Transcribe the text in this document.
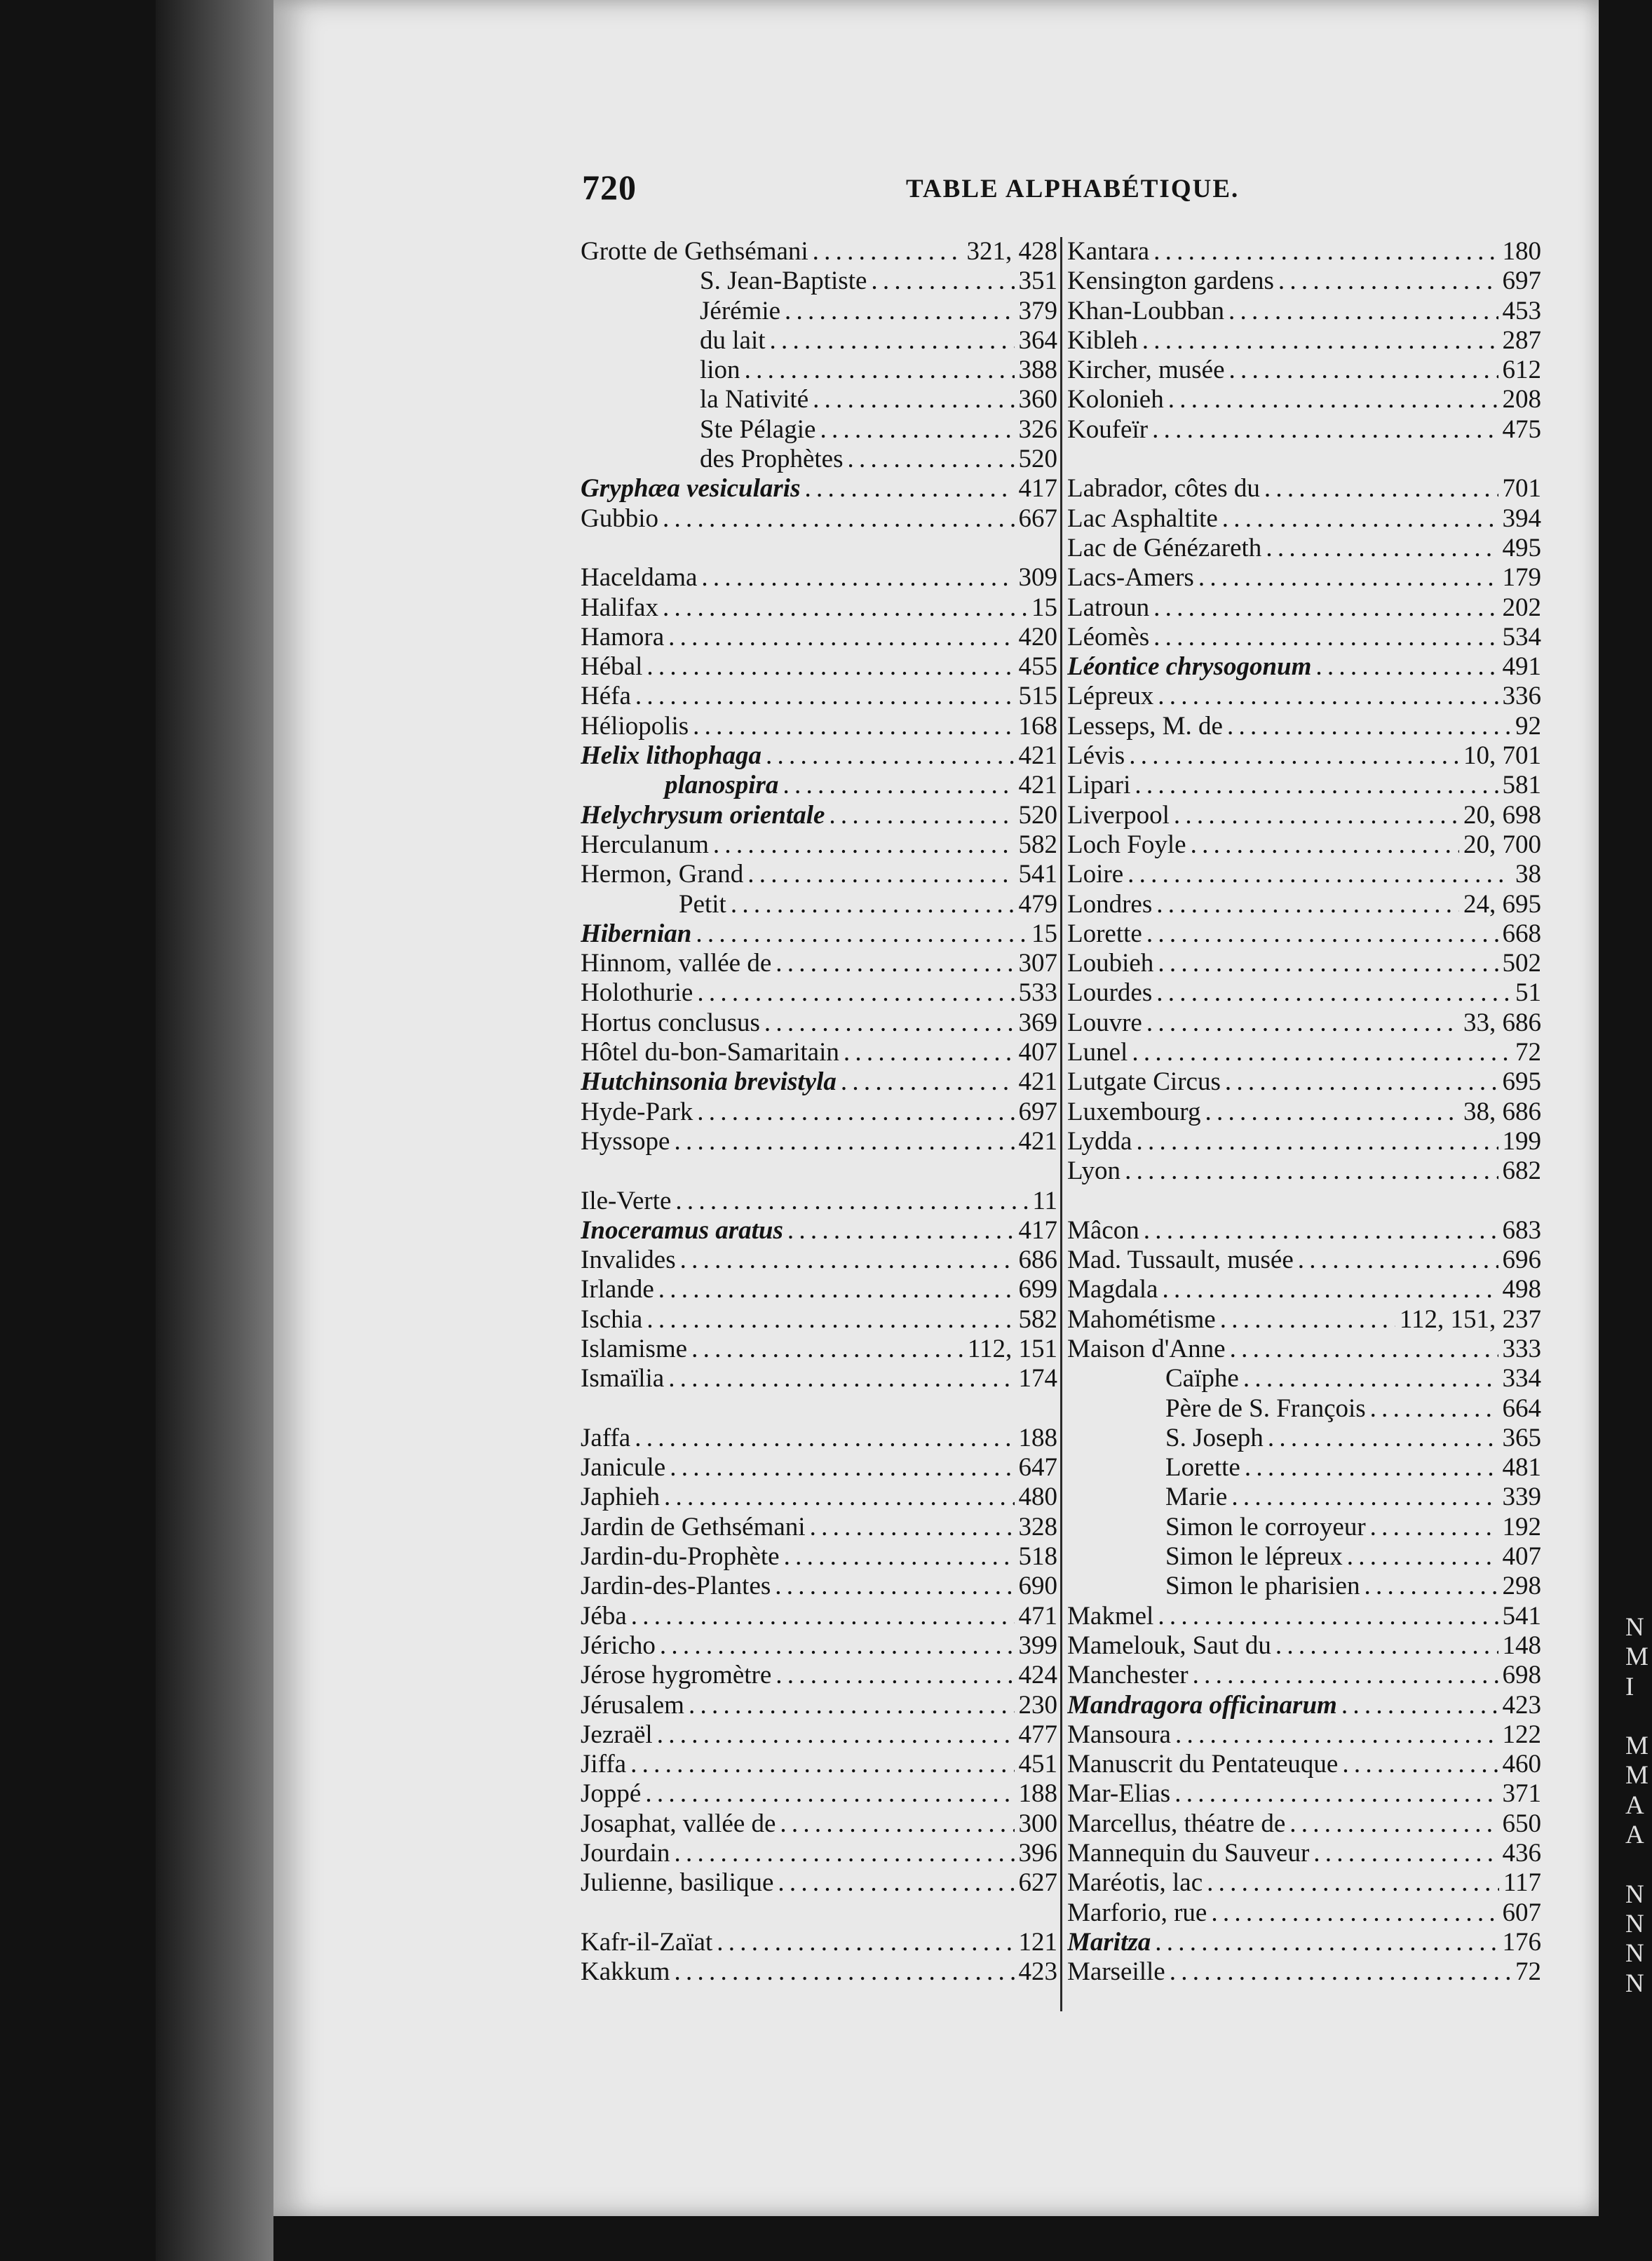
720	TABLE ALPHABÉTIQUE.
Grotte de Gethsémani . . .	321, 428
S. Jean-Baptiste . . .	351
Jérémie . . .	379
du lait . . .	364
lion . . .	388
la Nativité . . .	360
Ste Pélagie . . .	326
des Prophètes . . .	520
Gryphæa vesicularis . . .	417
Gubbio . . .	667
Haceldama . . .	309
Halifax . . .	15
Hamora . . .	420
Hébal . . .	455
Héfa . . .	515
Héliopolis . . .	168
Helix lithophaga . . .	421
planospira . . .	421
Helychrysum orientale . . .	520
Herculanum . . .	582
Hermon, Grand . . .	541
Petit . . .	479
Hibernian . . .	15
Hinnom, vallée de . . .	307
Holothurie . . .	533
Hortus conclusus . . .	369
Hôtel du-bon-Samaritain . . .	407
Hutchinsonia brevistyla . . .	421
Hyde-Park . . .	697
Hyssope . . .	421
Ile-Verte . . .	11
Inoceramus aratus . . .	417
Invalides . . .	686
Irlande . . .	699
Ischia . . .	582
Islamisme . . .	112, 151
Ismaïlia . . .	174
Jaffa . . .	188
Janicule . . .	647
Japhieh . . .	480
Jardin de Gethsémani . . .	328
Jardin-du-Prophète . . .	518
Jardin-des-Plantes . . .	690
Jéba . . .	471
Jéricho . . .	399
Jérose hygromètre . . .	424
Jérusalem . . .	230
Jezraël . . .	477
Jiffa . . .	451
Joppé . . .	188
Josaphat, vallée de . . .	300
Jourdain . . .	396
Julienne, basilique . . .	627
Kafr-il-Zaïat . . .	121
Kakkum . . .	423
Kantara . . .	180
Kensington gardens . . .	697
Khan-Loubban . . .	453
Kibleh . . .	287
Kircher, musée . . .	612
Kolonieh . . .	208
Koufeïr . . .	475
Labrador, côtes du . . .	701
Lac Asphaltite . . .	394
Lac de Génézareth . . .	495
Lacs-Amers . . .	179
Latroun . . .	202
Léomès . . .	534
Léontice chrysogonum . . .	491
Lépreux . . .	336
Lesseps, M. de . . .	92
Lévis . . .	10, 701
Lipari . . .	581
Liverpool . . .	20, 698
Loch Foyle . . .	20, 700
Loire . . .	38
Londres . . .	24, 695
Lorette . . .	668
Loubieh . . .	502
Lourdes . . .	51
Louvre . . .	33, 686
Lunel . . .	72
Lutgate Circus . . .	695
Luxembourg . . .	38, 686
Lydda . . .	199
Lyon . . .	682
Mâcon . . .	683
Mad. Tussault, musée . . .	696
Magdala . . .	498
Mahométisme . . .	112, 151, 237
Maison d'Anne . . .	333
Caïphe . . .	334
Père de S. François . . .	664
S. Joseph . . .	365
Lorette . . .	481
Marie . . .	339
Simon le corroyeur . . .	192
Simon le lépreux . . .	407
Simon le pharisien . . .	298
Makmel . . .	541
Mamelouk, Saut du . . .	148
Manchester . . .	698
Mandragora officinarum . . .	423
Mansoura . . .	122
Manuscrit du Pentateuque . . .	460
Mar-Elias . . .	371
Marcellus, théatre de . . .	650
Mannequin du Sauveur . . .	436
Maréotis, lac . . .	117
Marforio, rue . . .	607
Maritza . . .	176
Marseille . . .	72
N
M
I
M
M
A
A
N
N
N
N
